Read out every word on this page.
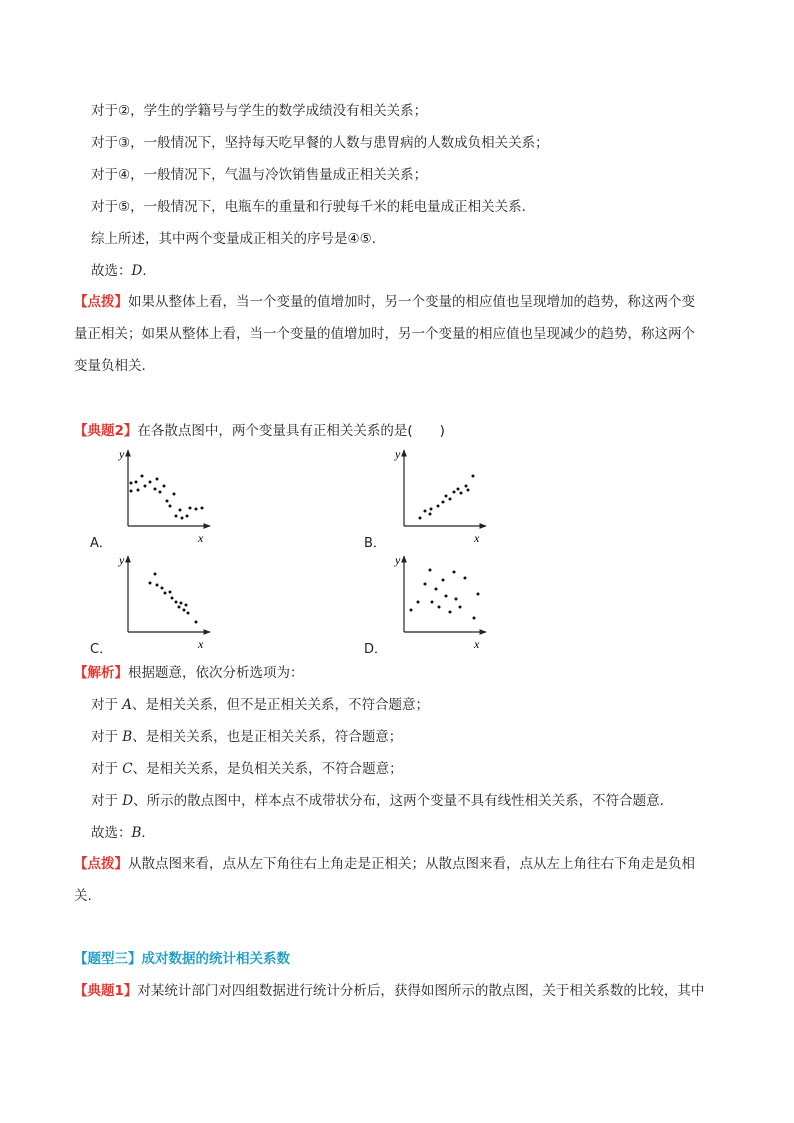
对于②，学生的学籍号与学生的数学成绩没有相关关系；
对于③，一般情况下，坚持每天吃早餐的人数与患胃病的人数成负相关关系；
对于④，一般情况下，气温与冷饮销售量成正相关关系；
对于⑤，一般情况下，电瓶车的重量和行驶每千米的耗电量成正相关关系．
综上所述，其中两个变量成正相关的序号是④⑤．
故选：D．
【点拨】如果从整体上看，当一个变量的值增加时，另一个变量的相应值也呈现增加的趋势，称这两个变
量正相关；如果从整体上看，当一个变量的值增加时，另一个变量的相应值也呈现减少的趋势，称这两个
变量负相关.
【典题2】在各散点图中，两个变量具有正相关关系的是(　　)
y
x
A．
y
x
B．
y
x
C．
y
x
D．
【解析】根据题意，依次分析选项为：
对于 A、是相关关系，但不是正相关关系，不符合题意；
对于 B、是相关关系，也是正相关关系，符合题意；
对于 C、是相关关系，是负相关关系，不符合题意；
对于 D、所示的散点图中，样本点不成带状分布，这两个变量不具有线性相关关系，不符合题意．
故选：B．
【点拨】从散点图来看，点从左下角往右上角走是正相关；从散点图来看，点从左上角往右下角走是负相
关.
【题型三】成对数据的统计相关系数
【典题1】对某统计部门对四组数据进行统计分析后，获得如图所示的散点图，关于相关系数的比较，其中
